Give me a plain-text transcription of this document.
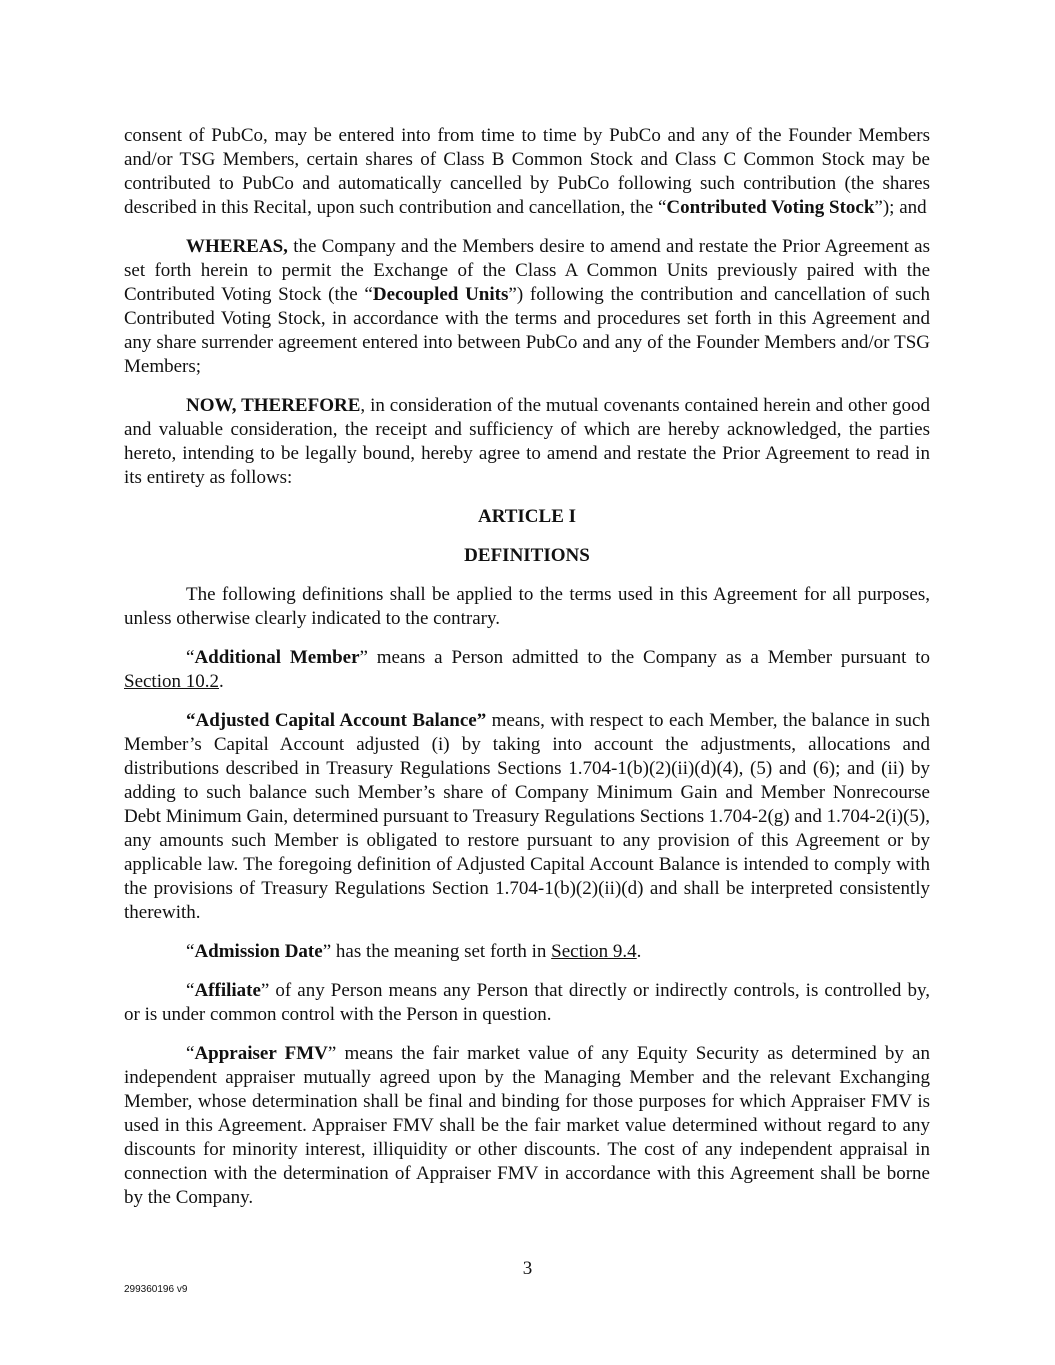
consent of PubCo, may be entered into from time to time by PubCo and any of the Founder Members and/or TSG Members, certain shares of Class B Common Stock and Class C Common Stock may be contributed to PubCo and automatically cancelled by PubCo following such contribution (the shares described in this Recital, upon such contribution and cancellation, the “Contributed Voting Stock”); and

WHEREAS, the Company and the Members desire to amend and restate the Prior Agreement as set forth herein to permit the Exchange of the Class A Common Units previously paired with the Contributed Voting Stock (the “Decoupled Units”) following the contribution and cancellation of such Contributed Voting Stock, in accordance with the terms and procedures set forth in this Agreement and any share surrender agreement entered into between PubCo and any of the Founder Members and/or TSG Members;

NOW, THEREFORE, in consideration of the mutual covenants contained herein and other good and valuable consideration, the receipt and sufficiency of which are hereby acknowledged, the parties hereto, intending to be legally bound, hereby agree to amend and restate the Prior Agreement to read in its entirety as follows:

ARTICLE I
DEFINITIONS

The following definitions shall be applied to the terms used in this Agreement for all purposes, unless otherwise clearly indicated to the contrary.

“Additional Member” means a Person admitted to the Company as a Member pursuant to Section 10.2.

“Adjusted Capital Account Balance” means, with respect to each Member, the balance in such Member’s Capital Account adjusted (i) by taking into account the adjustments, allocations and distributions described in Treasury Regulations Sections 1.704-1(b)(2)(ii)(d)(4), (5) and (6); and (ii) by adding to such balance such Member’s share of Company Minimum Gain and Member Nonrecourse Debt Minimum Gain, determined pursuant to Treasury Regulations Sections 1.704-2(g) and 1.704-2(i)(5), any amounts such Member is obligated to restore pursuant to any provision of this Agreement or by applicable law. The foregoing definition of Adjusted Capital Account Balance is intended to comply with the provisions of Treasury Regulations Section 1.704-1(b)(2)(ii)(d) and shall be interpreted consistently therewith.

“Admission Date” has the meaning set forth in Section 9.4.

“Affiliate” of any Person means any Person that directly or indirectly controls, is controlled by, or is under common control with the Person in question.

“Appraiser FMV” means the fair market value of any Equity Security as determined by an independent appraiser mutually agreed upon by the Managing Member and the relevant Exchanging Member, whose determination shall be final and binding for those purposes for which Appraiser FMV is used in this Agreement. Appraiser FMV shall be the fair market value determined without regard to any discounts for minority interest, illiquidity or other discounts. The cost of any independent appraisal in connection with the determination of Appraiser FMV in accordance with this Agreement shall be borne by the Company.

3
299360196 v9
